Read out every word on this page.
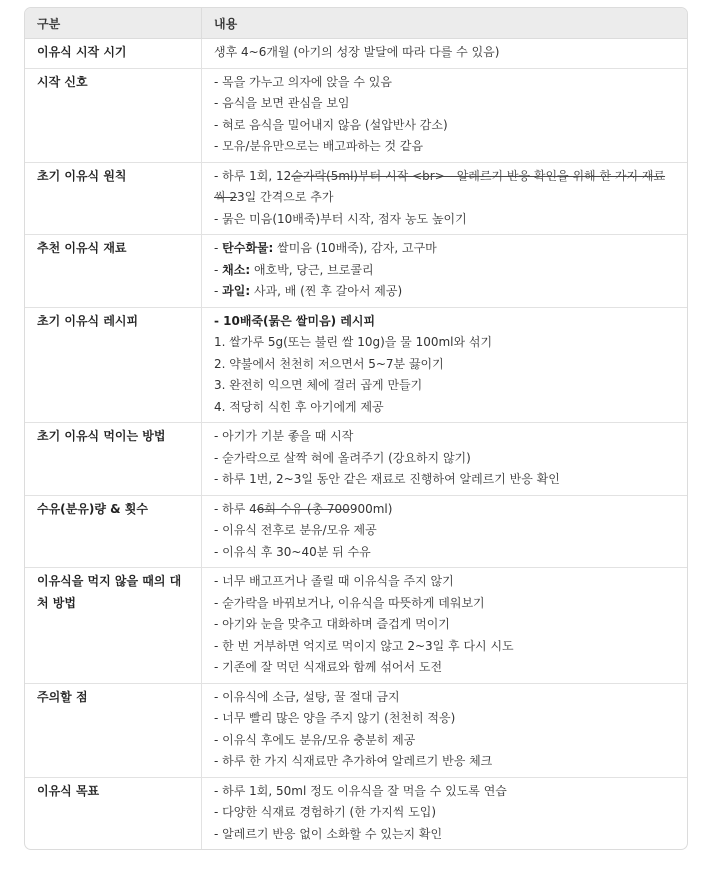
구분	내용
이유식 시작 시기	생후 4~6개월 (아기의 성장 발달에 따라 다를 수 있음)

시작 신호	- 목을 가누고 의자에 앉을 수 있음
- 음식을 보면 관심을 보임
- 혀로 음식을 밀어내지 않음 (설압반사 감소)
- 모유/분유만으로는 배고파하는 것 같음

초기 이유식 원칙	- 하루 1회, 12숟가락(5ml)부터 시작 <br> - 알레르기 반응 확인을 위해 한 가지 재료씩 23일 간격으로 추가
- 묽은 미음(10배죽)부터 시작, 점자 농도 높이기

추천 이유식 재료	- 탄수화물: 쌀미음 (10배죽), 감자, 고구마
- 채소: 애호박, 당근, 브로콜리
- 과일: 사과, 배 (찐 후 갈아서 제공)

초기 이유식 레시피	- 10배죽(묽은 쌀미음) 레시피
1. 쌀가루 5g(또는 불린 쌀 10g)을 물 100ml와 섞기
2. 약불에서 천천히 저으면서 5~7분 끓이기
3. 완전히 익으면 체에 걸러 곱게 만들기
4. 적당히 식힌 후 아기에게 제공

초기 이유식 먹이는 방법	- 아기가 기분 좋을 때 시작
- 숟가락으로 살짝 혀에 올려주기 (강요하지 않기)
- 하루 1번, 2~3일 동안 같은 재료로 진행하여 알레르기 반응 확인

수유(분유)량 & 횟수	- 하루 46회 수유 (총 700900ml)
- 이유식 전후로 분유/모유 제공
- 이유식 후 30~40분 뒤 수유

이유식을 먹지 않을 때의 대처 방법	- 너무 배고프거나 졸릴 때 이유식을 주지 않기
- 숟가락을 바꿔보거나, 이유식을 따뜻하게 데워보기
- 아기와 눈을 맞추고 대화하며 즐겁게 먹이기
- 한 번 거부하면 억지로 먹이지 않고 2~3일 후 다시 시도
- 기존에 잘 먹던 식재료와 함께 섞어서 도전

주의할 점	- 이유식에 소금, 설탕, 꿀 절대 금지
- 너무 빨리 많은 양을 주지 않기 (천천히 적응)
- 이유식 후에도 분유/모유 충분히 제공
- 하루 한 가지 식재료만 추가하여 알레르기 반응 체크

이유식 목표	- 하루 1회, 50ml 정도 이유식을 잘 먹을 수 있도록 연습
- 다양한 식재료 경험하기 (한 가지씩 도입)
- 알레르기 반응 없이 소화할 수 있는지 확인
